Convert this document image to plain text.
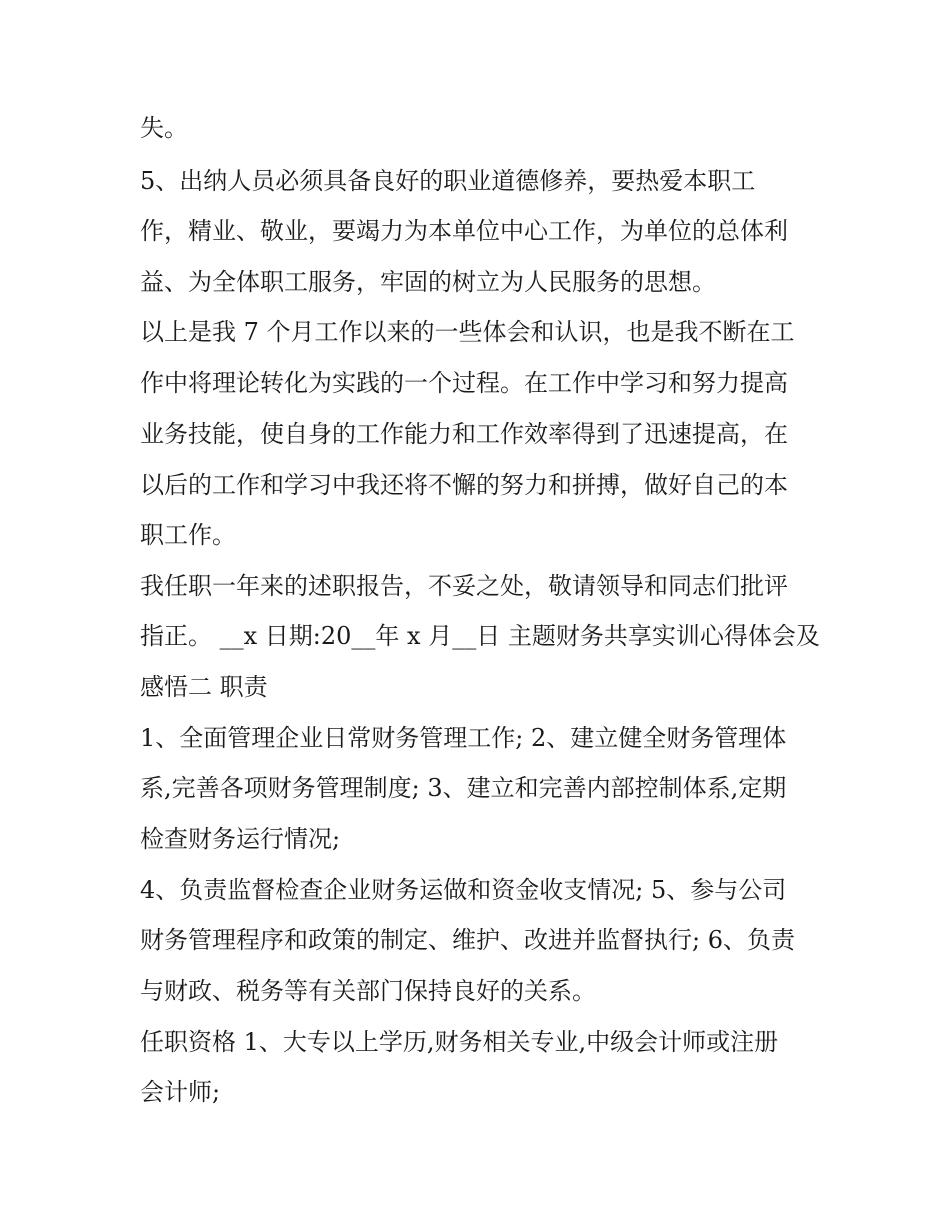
失。
5、出纳人员必须具备良好的职业道德修养，要热爱本职工
作，精业、敬业，要竭力为本单位中心工作，为单位的总体利
益、为全体职工服务，牢固的树立为人民服务的思想。
以上是我 7 个月工作以来的一些体会和认识，也是我不断在工
作中将理论转化为实践的一个过程。在工作中学习和努力提高
业务技能，使自身的工作能力和工作效率得到了迅速提高，在
以后的工作和学习中我还将不懈的努力和拼搏，做好自己的本
职工作。
我任职一年来的述职报告，不妥之处，敬请领导和同志们批评
指正。 __x 日期:20__年 x 月__日 主题财务共享实训心得体会及
感悟二 职责
1、全面管理企业日常财务管理工作; 2、建立健全财务管理体
系,完善各项财务管理制度; 3、建立和完善内部控制体系,定期
检查财务运行情况;
4、负责监督检查企业财务运做和资金收支情况; 5、参与公司
财务管理程序和政策的制定、维护、改进并监督执行; 6、负责
与财政、税务等有关部门保持良好的关系。
任职资格 1、大专以上学历,财务相关专业,中级会计师或注册
会计师;
